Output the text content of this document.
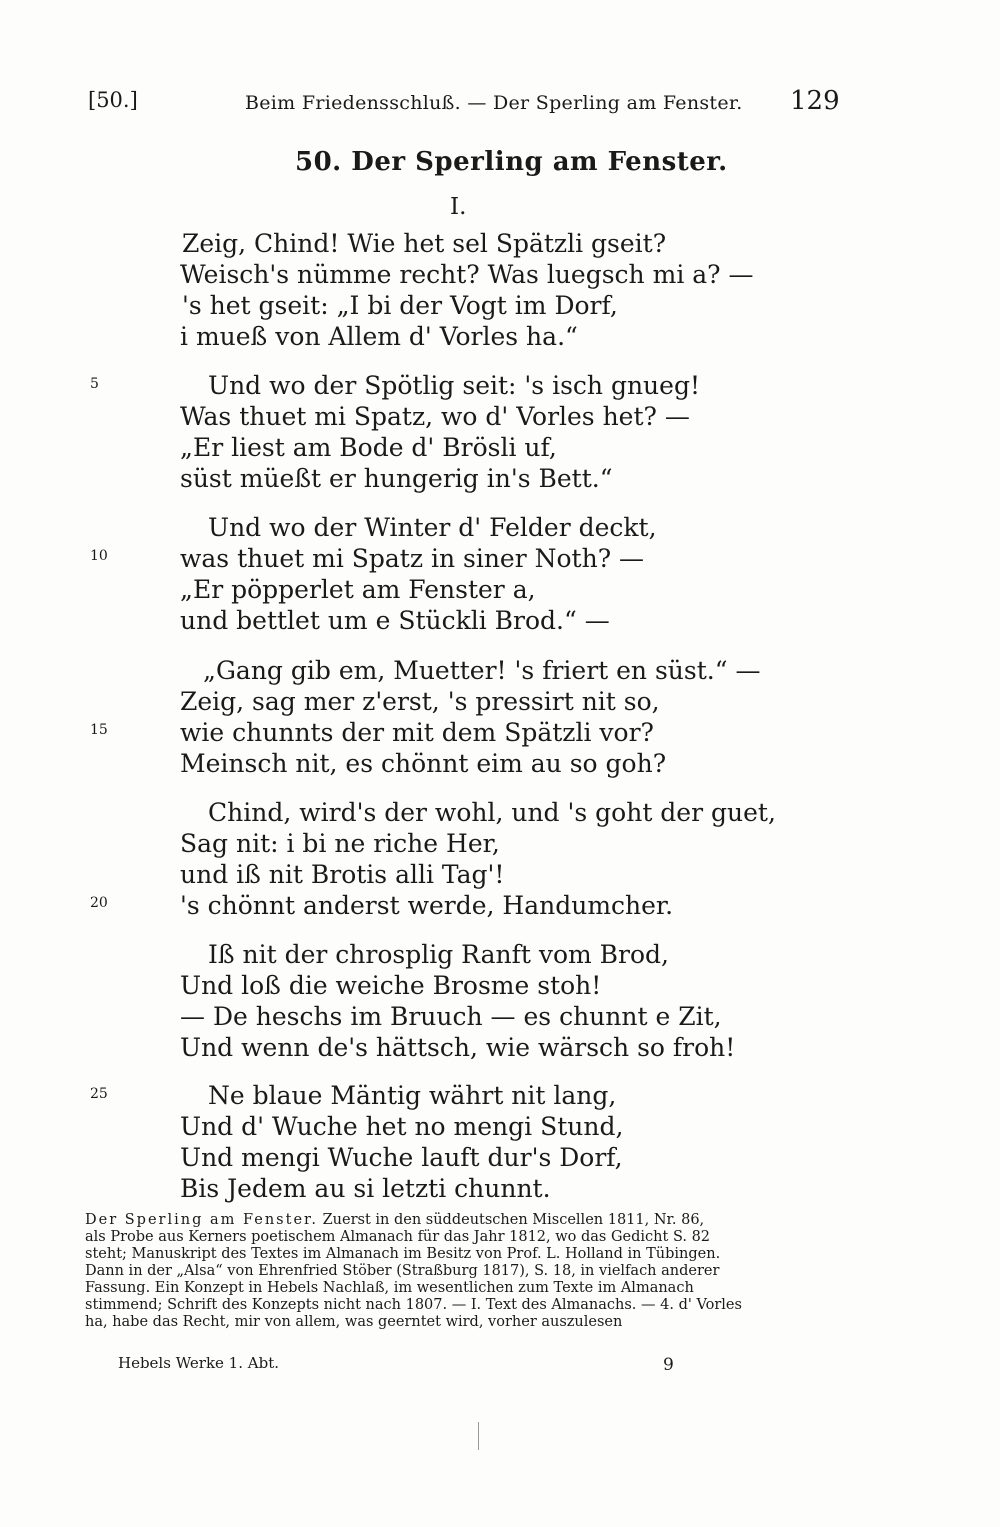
[50.]	Beim Friedensschluß. — Der Sperling am Fenster. 129
50. Der Sperling am Fenster.
I.
Zeig, Chind! Wie het sel Spätzli gseit?
Weisch's nümme recht? Was luegsch mi a? —
's het gseit: „I bi der Vogt im Dorf,
i mueß von Allem d' Vorles ha.“
5	Und wo der Spötlig seit: 's isch gnueg!
Was thuet mi Spatz, wo d' Vorles het? —
„Er liest am Bode d' Brösli uf,
süst müeßt er hungerig in's Bett.“
Und wo der Winter d' Felder deckt,
10	was thuet mi Spatz in siner Noth? —
„Er pöpperlet am Fenster a,
und bettlet um e Stückli Brod.“ —
„Gang gib em, Muetter! 's friert en süst.“ —
Zeig, sag mer z'erst, 's pressirt nit so,
15	wie chunnts der mit dem Spätzli vor?
Meinsch nit, es chönnt eim au so goh?
Chind, wird's der wohl, und 's goht der guet,
Sag nit: i bi ne riche Her,
und iß nit Brotis alli Tag'!
20	's chönnt anderst werde, Handumcher.
Iß nit der chrosplig Ranft vom Brod,
Und loß die weiche Brosme stoh!
— De heschs im Bruuch — es chunnt e Zit,
Und wenn de's hättsch, wie wärsch so froh!
25	Ne blaue Mäntig währt nit lang,
Und d' Wuche het no mengi Stund,
Und mengi Wuche lauft dur's Dorf,
Bis Jedem au si letzti chunnt.

Der Sperling am Fenster. Zuerst in den süddeutschen Miscellen 1811, Nr. 86,

als Probe aus Kerners poetischem Almanach für das Jahr 1812, wo das Gedicht S. 82

steht; Manuskript des Textes im Almanach im Besitz von Prof. L. Holland in Tübingen.

Dann in der „Alsa“ von Ehrenfried Stöber (Straßburg 1817), S. 18, in vielfach anderer

Fassung. Ein Konzept in Hebels Nachlaß, im wesentlichen zum Texte im Almanach

stimmend; Schrift des Konzepts nicht nach 1807. — I. Text des Almanachs. — 4. d' Vorles

ha, habe das Recht, mir von allem, was geerntet wird, vorher auszulesen

Hebels Werke 1. Abt.	9
